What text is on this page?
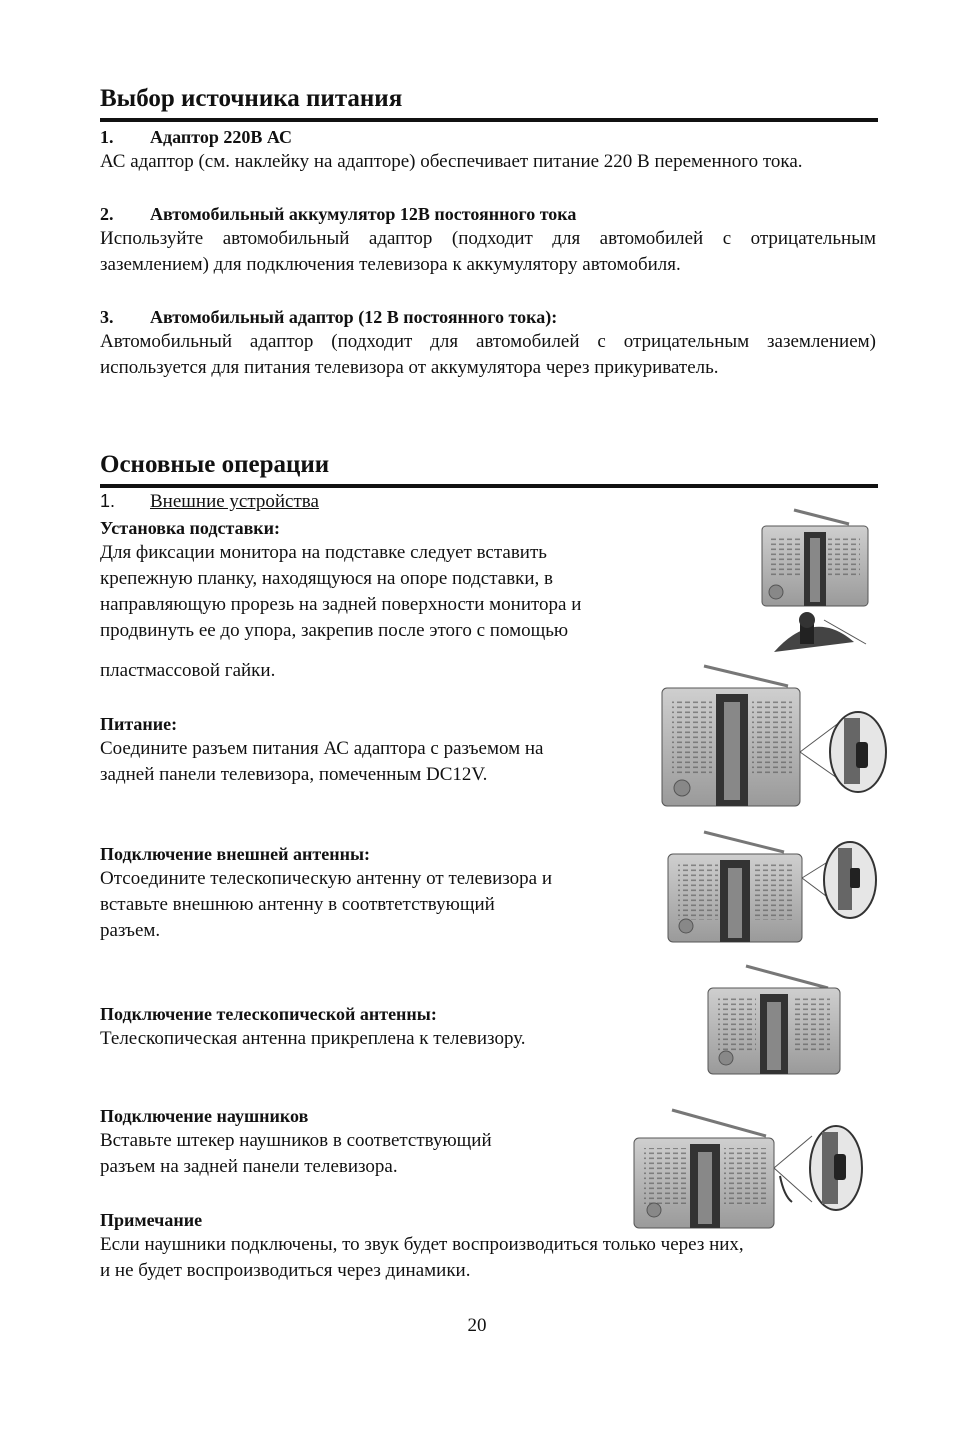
Выбор источника питания
1. Адаптор 220В АС
АС адаптор (см. наклейку на адапторе) обеспечивает питание 220 В переменного тока.
2. Автомобильный аккумулятор 12В постоянного тока
Используйте автомобильный адаптор (подходит для автомобилей с отрицательным заземлением) для подключения телевизора к аккумулятору автомобиля.
3. Автомобильный адаптор (12 В постоянного тока):
Автомобильный адаптор (подходит для автомобилей с отрицательным заземлением) используется для питания телевизора от аккумулятора через прикуриватель.
Основные операции
1. Внешние устройства
Установка подставки:
Для фиксации монитора на подставке следует вставить
крепежную планку, находящуюся на опоре подставки, в
направляющую прорезь на задней поверхности монитора и
продвинуть ее до упора, закрепив после этого с помощью
пластмассовой гайки.
Питание:
Соедините разъем питания АС адаптора с разъемом на
задней панели телевизора, помеченным DC12V.
Подключение внешней антенны:
Отсоедините телескопическую антенну от телевизора и
вставьте внешнюю антенну в соотвтетствующий
разъем.
Подключение телескопической антенны:
Телескопическая антенна прикреплена к телевизору.
Подключение наушников
Вставьте штекер наушников в соответствующий
разъем на задней панели телевизора.
Примечание
Если наушники подключены, то звук будет воспроизводиться только через них,
и не будет воспроизводиться через динамики.
20
